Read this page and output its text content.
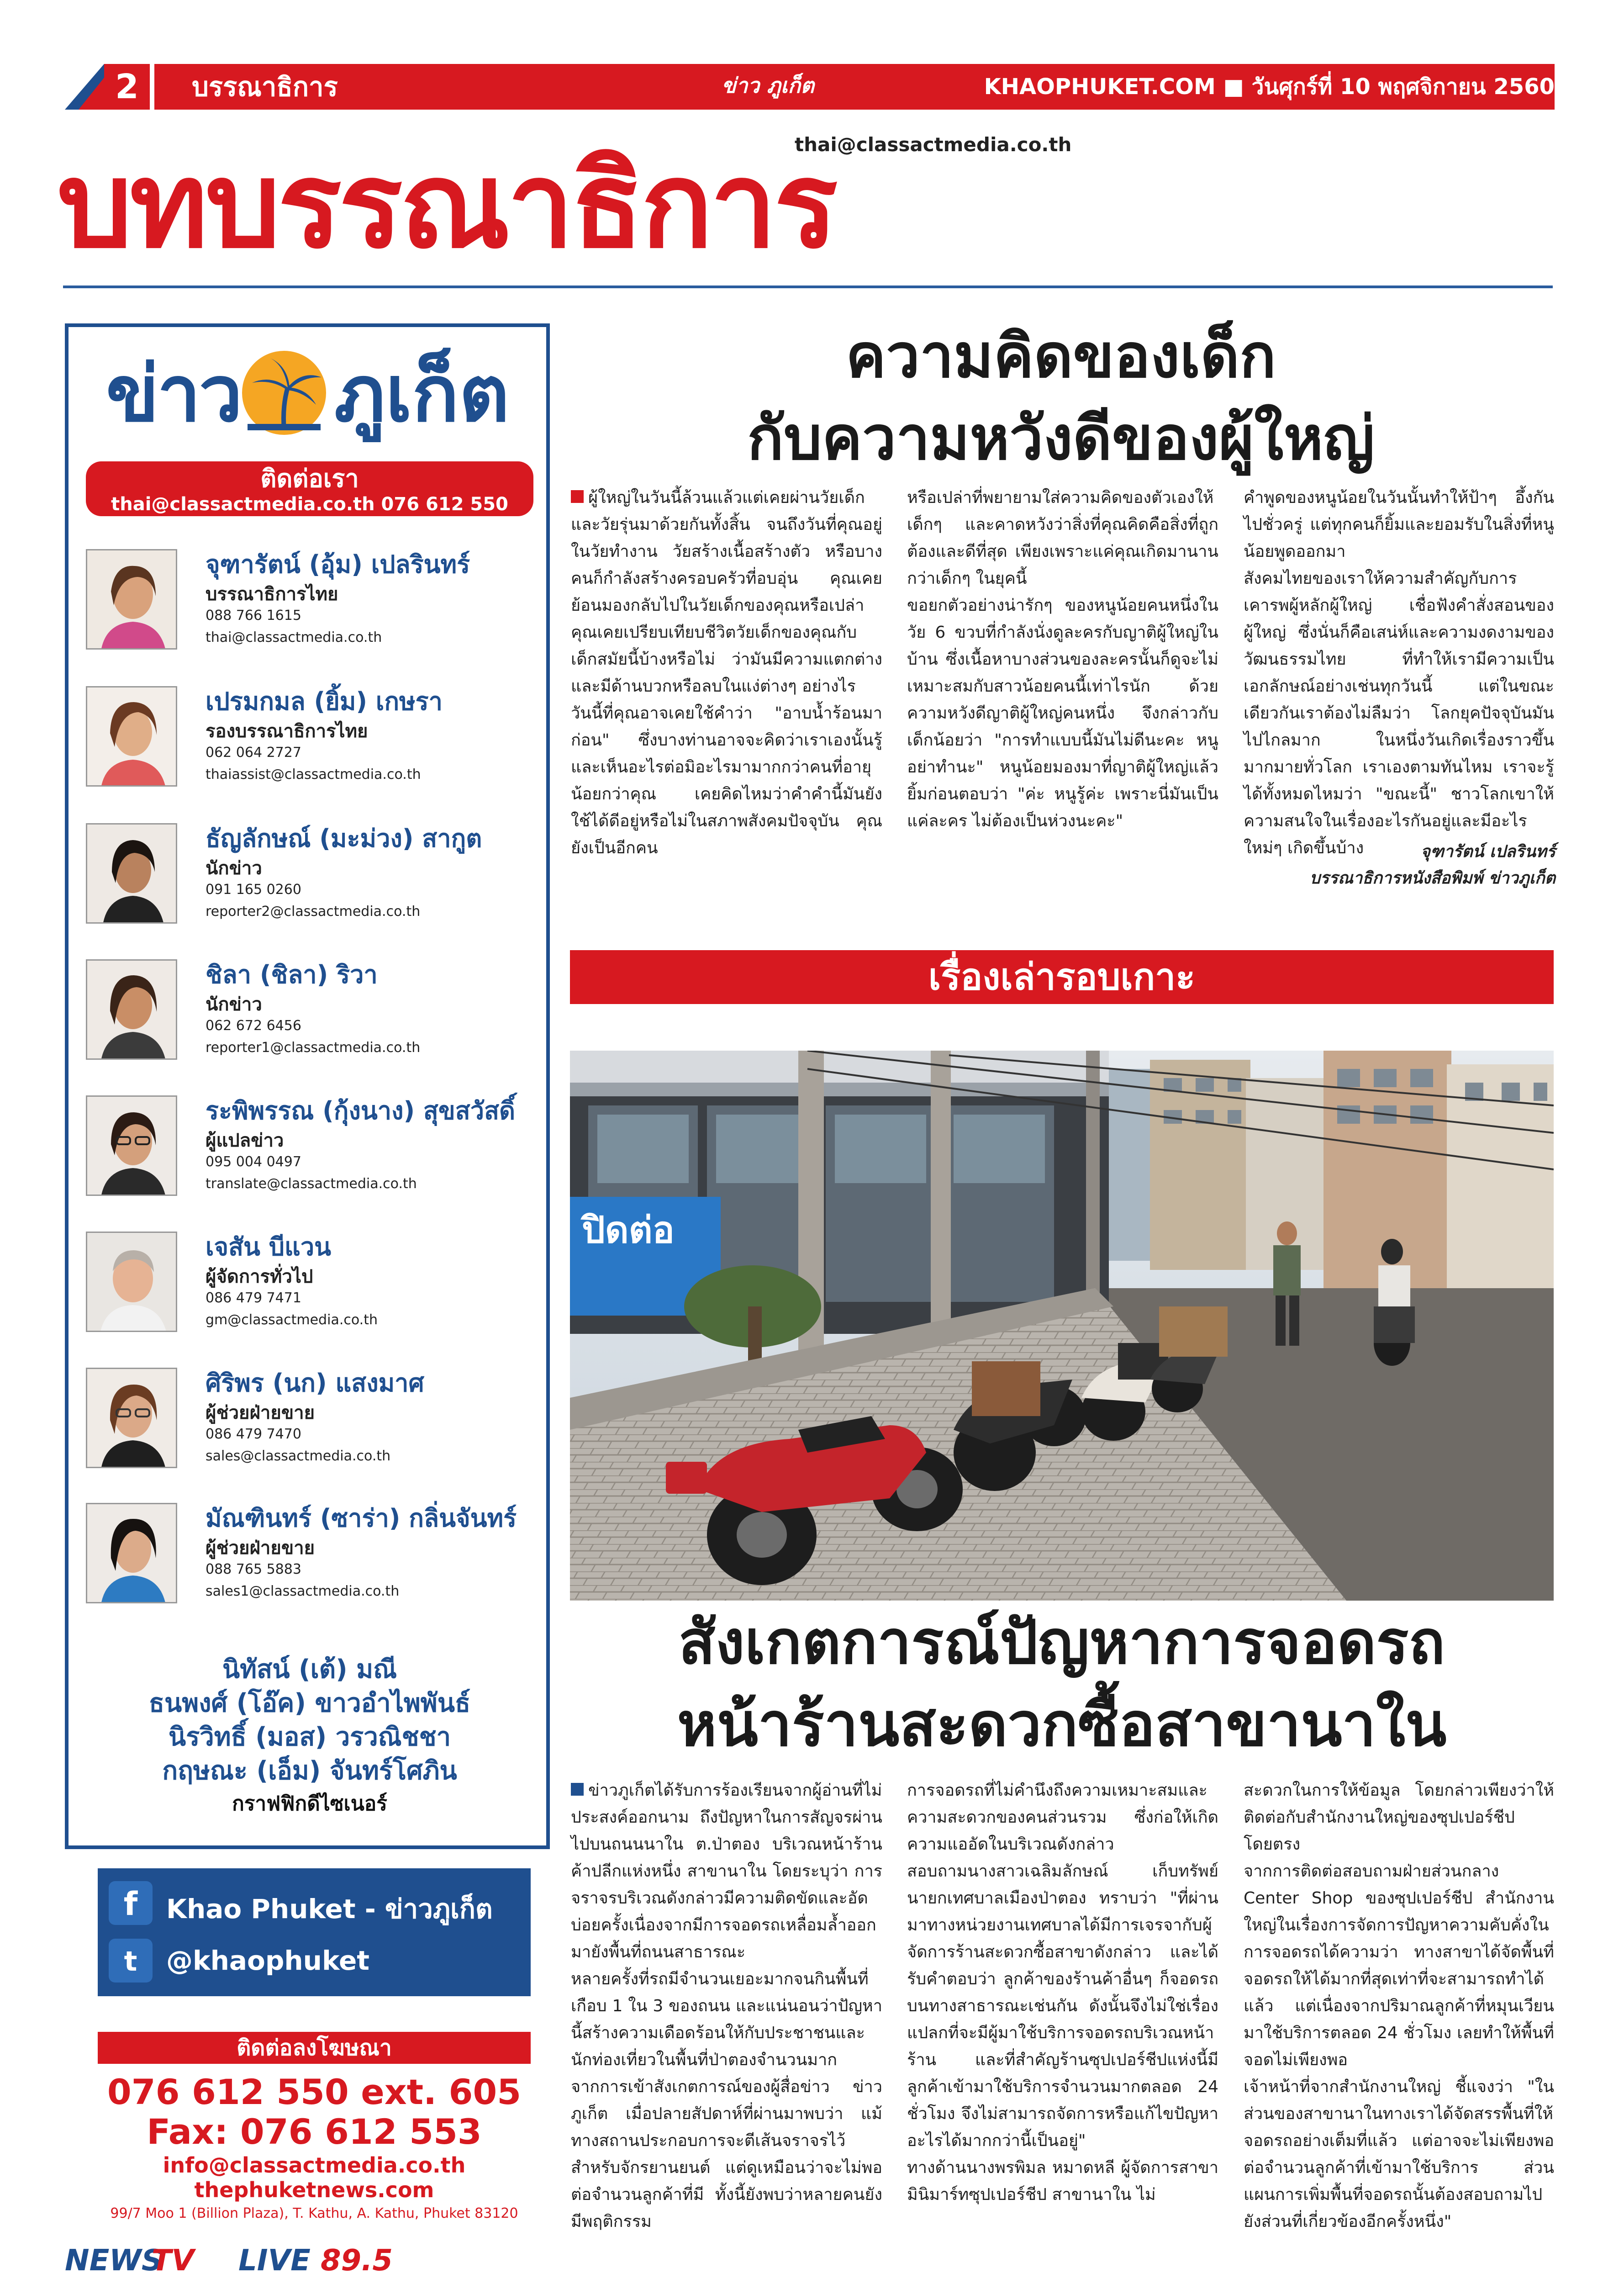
2	บรรณาธิการ	ข่าว ภูเก็ต	KHAOPHUKET.COM ■ วันศุกร์ที่ 10 พฤศจิกายน 2560
บทบรรณาธิการ
thai@classactmedia.co.th
ข่าว ภูเก็ต
ติดต่อเรา
thai@classactmedia.co.th 076 612 550
จุฑารัตน์ (อุ้ม) เปลรินทร์
บรรณาธิการไทย
088 766 1615
thai@classactmedia.co.th
เปรมกมล (ยิ้ม) เกษรา
รองบรรณาธิการไทย
062 064 2727
thaiassist@classactmedia.co.th
ธัญลักษณ์ (มะม่วง) สากูต
นักข่าว
091 165 0260
reporter2@classactmedia.co.th
ชิลา (ชิลา) ริวา
นักข่าว
062 672 6456
reporter1@classactmedia.co.th
ระพิพรรณ (กุ้งนาง) สุขสวัสดิ์
ผู้แปลข่าว
095 004 0497
translate@classactmedia.co.th
เจสัน บีแวน
ผู้จัดการทั่วไป
086 479 7471
gm@classactmedia.co.th
ศิริพร (นก) แสงมาศ
ผู้ช่วยฝ่ายขาย
086 479 7470
sales@classactmedia.co.th
มัณฑินทร์ (ซาร่า) กลิ่นจันทร์
ผู้ช่วยฝ่ายขาย
088 765 5883
sales1@classactmedia.co.th
นิทัสน์ (เต้) มณี
ธนพงศ์ (โอ๊ค) ขาวอำไพพันธ์
นิรวิทธิ์ (มอส) วรวณิชชา
กฤษณะ (เอ็ม) จันทร์โศภิน
กราฟฟิกดีไซเนอร์
f	Khao Phuket - ข่าวภูเก็ต
t	@khaophuket
ติดต่อลงโฆษณา
076 612 550 ext. 605
Fax: 076 612 553
info@classactmedia.co.th
thephuketnews.com
99/7 Moo 1 (Billion Plaza), T. Kathu, A. Kathu, Phuket 83120
NEWS
TV LIVE 89.5
ความคิดของเด็ก
กับความหวังดีของผู้ใหญ่
ผู้ใหญ่ในวันนี้ล้วนแล้วแต่เคยผ่านวัยเด็กและวัยรุ่นมาด้วยกันทั้งสิ้น จนถึงวันที่คุณอยู่ในวัยทำงาน วัยสร้างเนื้อสร้างตัว หรือบางคนก็กำลังสร้างครอบครัวที่อบอุ่น คุณเคยย้อนมองกลับไปในวัยเด็กของคุณหรือเปล่า คุณเคยเปรียบเทียบชีวิตวัยเด็กของคุณกับเด็กสมัยนี้บ้างหรือไม่ ว่ามันมีความแตกต่างและมีด้านบวกหรือลบในแง่ต่างๆ อย่างไร
วันนี้ที่คุณอาจเคยใช้คำว่า "อาบน้ำร้อนมาก่อน" ซึ่งบางท่านอาจจะคิดว่าเราเองนั้นรู้ และเห็นอะไรต่อมิอะไรมามากกว่าคนที่อายุน้อยกว่าคุณ เคยคิดไหมว่าคำคำนี้มันยังใช้ได้ดีอยู่หรือไม่ในสภาพสังคมปัจจุบัน คุณยังเป็นอีกคน
หรือเปล่าที่พยายามใส่ความคิดของตัวเองให้เด็กๆ และคาดหวังว่าสิ่งที่คุณคิดคือสิ่งที่ถูกต้องและดีที่สุด เพียงเพราะแค่คุณเกิดมานานกว่าเด็กๆ ในยุคนี้
ขอยกตัวอย่างน่ารักๆ ของหนูน้อยคนหนึ่งในวัย 6 ขวบที่กำลังนั่งดูละครกับญาติผู้ใหญ่ในบ้าน ซึ่งเนื้อหาบางส่วนของละครนั้นก็ดูจะไม่เหมาะสมกับสาวน้อยคนนี้เท่าไรนัก ด้วยความหวังดีญาติผู้ใหญ่คนหนึ่ง จึงกล่าวกับเด็กน้อยว่า "การทำแบบนี้มันไม่ดีนะคะ หนูอย่าทำนะ" หนูน้อยมองมาที่ญาติผู้ใหญ่แล้วยิ้มก่อนตอบว่า "ค่ะ หนูรู้ค่ะ เพราะนี่มันเป็นแค่ละคร ไม่ต้องเป็นห่วงนะคะ"
คำพูดของหนูน้อยในวันนั้นทำให้ป้าๆ อึ้งกันไปชั่วครู่ แต่ทุกคนก็ยิ้มและยอมรับในสิ่งที่หนูน้อยพูดออกมา
สังคมไทยของเราให้ความสำคัญกับการเคารพผู้หลักผู้ใหญ่ เชื่อฟังคำสั่งสอนของผู้ใหญ่ ซึ่งนั่นก็คือเสน่ห์และความงดงามของวัฒนธรรมไทย ที่ทำให้เรามีความเป็นเอกลักษณ์อย่างเช่นทุกวันนี้ แต่ในขณะเดียวกันเราต้องไม่ลืมว่า โลกยุคปัจจุบันมันไปไกลมาก ในหนึ่งวันเกิดเรื่องราวขึ้นมากมายทั่วโลก เราเองตามทันไหม เราจะรู้ได้ทั้งหมดไหมว่า "ขณะนี้" ชาวโลกเขาให้ความสนใจในเรื่องอะไรกันอยู่และมีอะไรใหม่ๆ เกิดขึ้นบ้าง	จุฑารัตน์ เปลรินทร์
บรรณาธิการหนังสือพิมพ์ ข่าวภูเก็ต
เรื่องเล่ารอบเกาะ
ปิดต่อ
สังเกตการณ์ปัญหาการจอดรถ
หน้าร้านสะดวกซื้อสาขานาใน
ข่าวภูเก็ตได้รับการร้องเรียนจากผู้อ่านที่ไม่ประสงค์ออกนาม ถึงปัญหาในการสัญจรผ่านไปบนถนนนาใน ต.ป่าตอง บริเวณหน้าร้านค้าปลีกแห่งหนึ่ง สาขานาใน โดยระบุว่า การจราจรบริเวณดังกล่าวมีความติดขัดและอัดบ่อยครั้งเนื่องจากมีการจอดรถเหลื่อมล้ำออกมายังพื้นที่ถนนสาธารณะ
หลายครั้งที่รถมีจำนวนเยอะมากจนกินพื้นที่เกือบ 1 ใน 3 ของถนน และแน่นอนว่าปัญหานี้สร้างความเดือดร้อนให้กับประชาชนและนักท่องเที่ยวในพื้นที่ป่าตองจำนวนมาก
จากการเข้าสังเกตการณ์ของผู้สื่อข่าว ข่าวภูเก็ต เมื่อปลายสัปดาห์ที่ผ่านมาพบว่า แม้ทางสถานประกอบการจะตีเส้นจราจรไว้สำหรับจักรยานยนต์ แต่ดูเหมือนว่าจะไม่พอต่อจำนวนลูกค้าที่มี ทั้งนี้ยังพบว่าหลายคนยังมีพฤติกรรม
การจอดรถที่ไม่คำนึงถึงความเหมาะสมและความสะดวกของคนส่วนรวม ซึ่งก่อให้เกิดความแออัดในบริเวณดังกล่าว
สอบถามนางสาวเฉลิมลักษณ์ เก็บทรัพย์ นายกเทศบาลเมืองป่าตอง ทราบว่า "ที่ผ่านมาทางหน่วยงานเทศบาลได้มีการเจรจากับผู้จัดการร้านสะดวกซื้อสาขาดังกล่าว และได้รับคำตอบว่า ลูกค้าของร้านค้าอื่นๆ ก็จอดรถบนทางสาธารณะเช่นกัน ดังนั้นจึงไม่ใช่เรื่องแปลกที่จะมีผู้มาใช้บริการจอดรถบริเวณหน้าร้าน และที่สำคัญร้านซุปเปอร์ชีปแห่งนี้มีลูกค้าเข้ามาใช้บริการจำนวนมากตลอด 24 ชั่วโมง จึงไม่สามารถจัดการหรือแก้ไขปัญหาอะไรได้มากกว่านี้เป็นอยู่"
ทางด้านนางพรพิมล หมาดหลี ผู้จัดการสาขามินิมาร์ทซุปเปอร์ชีป สาขานาใน ไม่
สะดวกในการให้ข้อมูล โดยกล่าวเพียงว่าให้ติดต่อกับสำนักงานใหญ่ของซุปเปอร์ชีปโดยตรง
จากการติดต่อสอบถามฝ่ายส่วนกลาง Center Shop ของซุปเปอร์ชีป สำนักงานใหญ่ในเรื่องการจัดการปัญหาความคับคั่งในการจอดรถได้ความว่า ทางสาขาได้จัดพื้นที่จอดรถให้ได้มากที่สุดเท่าที่จะสามารถทำได้แล้ว แต่เนื่องจากปริมาณลูกค้าที่หมุนเวียนมาใช้บริการตลอด 24 ชั่วโมง เลยทำให้พื้นที่จอดไม่เพียงพอ
เจ้าหน้าที่จากสำนักงานใหญ่ ชี้แจงว่า "ในส่วนของสาขานาในทางเราได้จัดสรรพื้นที่ให้จอดรถอย่างเต็มที่แล้ว แต่อาจจะไม่เพียงพอต่อจำนวนลูกค้าที่เข้ามาใช้บริการ ส่วนแผนการเพิ่มพื้นที่จอดรถนั้นต้องสอบถามไปยังส่วนที่เกี่ยวข้องอีกครั้งหนึ่ง"
